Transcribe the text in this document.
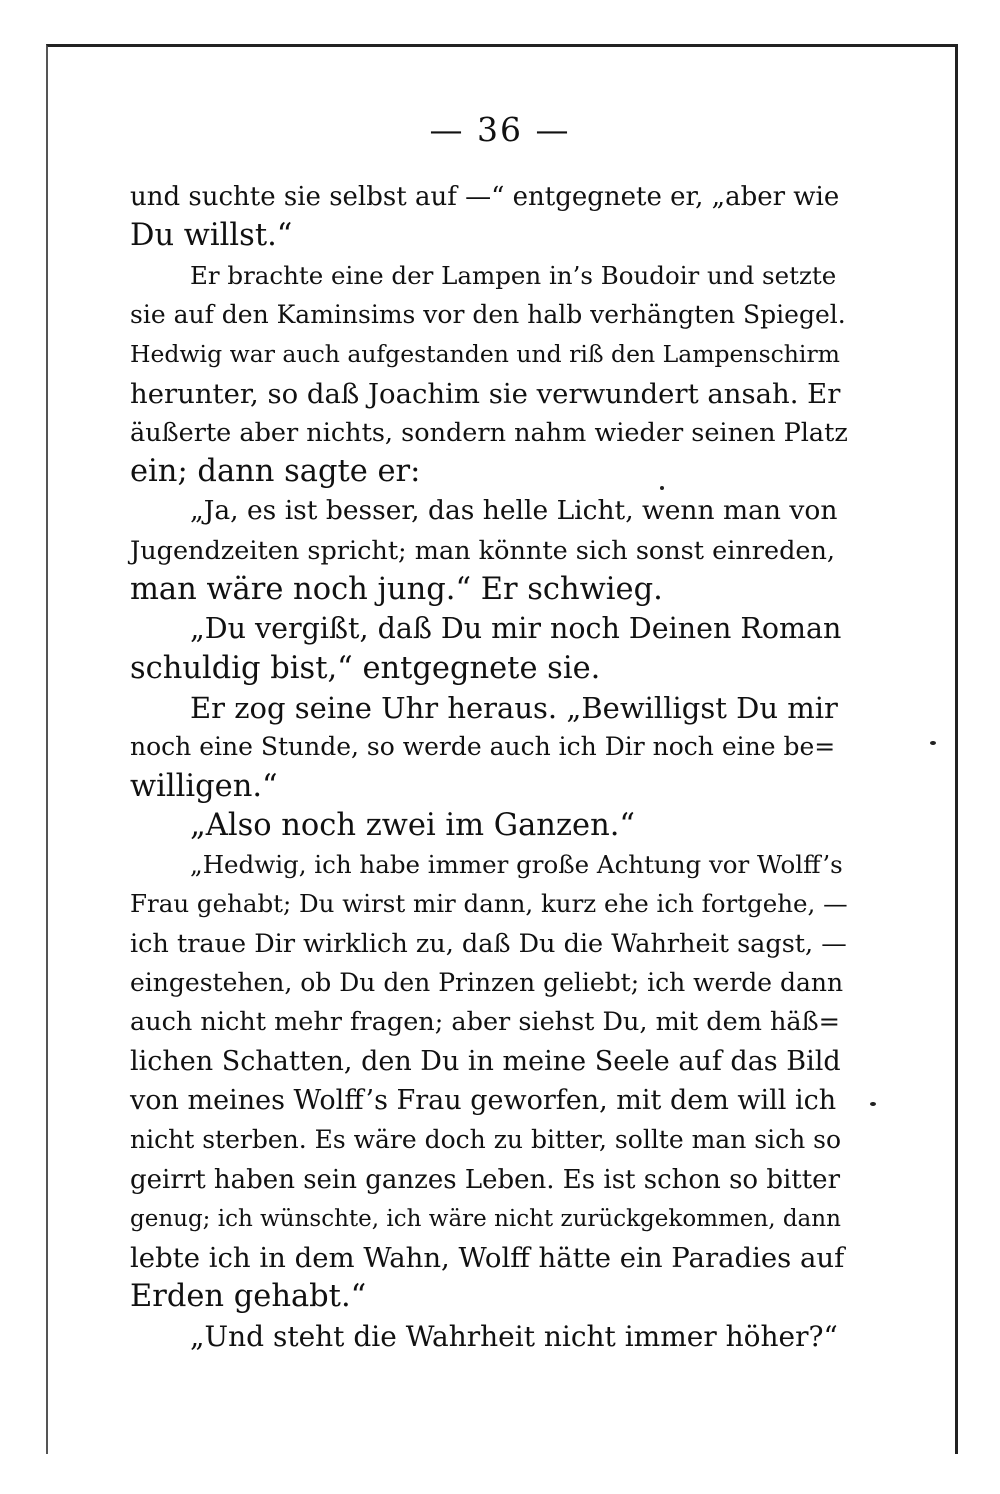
— 36 —
und suchte sie selbst auf —“ entgegnete er, „aber wie
Du willst.“
Er brachte eine der Lampen in’s Boudoir und setzte
sie auf den Kaminsims vor den halb verhängten Spiegel.
Hedwig war auch aufgestanden und riß den Lampenschirm
herunter, so daß Joachim sie verwundert ansah. Er
äußerte aber nichts, sondern nahm wieder seinen Platz
ein; dann sagte er:
„Ja, es ist besser, das helle Licht, wenn man von
Jugendzeiten spricht; man könnte sich sonst einreden,
man wäre noch jung.“ Er schwieg.
„Du vergißt, daß Du mir noch Deinen Roman
schuldig bist,“ entgegnete sie.
Er zog seine Uhr heraus. „Bewilligst Du mir
noch eine Stunde, so werde auch ich Dir noch eine be=
willigen.“
„Also noch zwei im Ganzen.“
„Hedwig, ich habe immer große Achtung vor Wolff’s
Frau gehabt; Du wirst mir dann, kurz ehe ich fortgehe, —
ich traue Dir wirklich zu, daß Du die Wahrheit sagst, —
eingestehen, ob Du den Prinzen geliebt; ich werde dann
auch nicht mehr fragen; aber siehst Du, mit dem häß=
lichen Schatten, den Du in meine Seele auf das Bild
von meines Wolff’s Frau geworfen, mit dem will ich
nicht sterben. Es wäre doch zu bitter, sollte man sich so
geirrt haben sein ganzes Leben. Es ist schon so bitter
genug; ich wünschte, ich wäre nicht zurückgekommen, dann
lebte ich in dem Wahn, Wolff hätte ein Paradies auf
Erden gehabt.“
„Und steht die Wahrheit nicht immer höher?“
